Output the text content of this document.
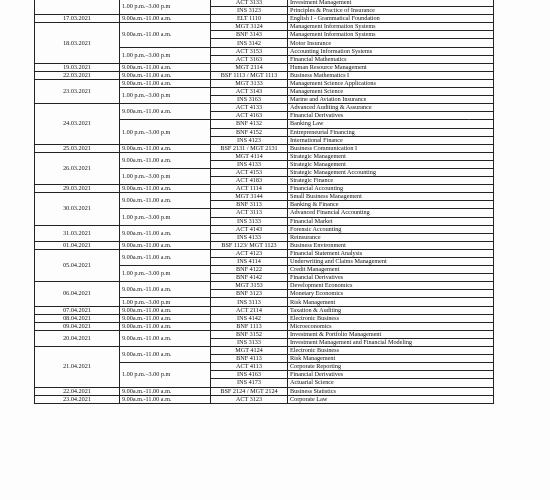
	1.00 p.m.–3.00 p.m	ACT 3133	Investment Management
		INS 3123	Principles & Practice of Insurance
17.03.2021	9.00a.m.-11.00 a.m.	ELT 1110	English I - Grammatical Foundation
18.03.2021	9.00a.m.-11.00 a.m.	MGT 3124	Management Information Systems
		BNF 3143	Management Information Systems
		INS 3142	Motor Insurance
	1.00 p.m.–3.00 p.m	ACT 3153	Accounting Information Systems
		ACT 3163	Financial Mathematics
19.03.2021	9.00a.m.-11.00 a.m.	MGT 2114	Human Resource Management
22.03.2021	9.00a.m.-11.00 a.m.	BSF 1113 / MGT 1113	Business Mathematics I
23.03.2021	9.00a.m.-11.00 a.m.	MGT 3133	Management Science Applications
	1.00 p.m.–3.00 p.m	ACT 3143	Management Science
		INS 3163	Marine and Aviation Insurance
24.03.2021	9.00a.m.-11.00 a.m.	ACT 4133	Advanced Auditing & Assurance
		ACT 4163	Financial Derivatives
	1.00 p.m.–3.00 p.m	BNF 4132	Banking Law
		BNF 4152	Entrepreneurial Financing
		INS 4123	International Finance
25.03.2021	9.00a.m.-11.00 a.m.	BSF 2131 / MGT 2131	Business Communication I
26.03.2021	9.00a.m.-11.00 a.m.	MGT 4114	Strategic Management
		INS 4133	Strategic Management
	1.00 p.m.–3.00 p.m	ACT 4153	Strategic Management Accounting
		ACT 4183	Strategic Finance
29.03.2021	9.00a.m.-11.00 a.m.	ACT 1114	Financial Accounting
30.03.2021	9.00a.m.-11.00 a.m.	MGT 3144	Small Business Management
		BNF 3113	Banking & Finance
	1.00 p.m.–3.00 p.m	ACT 3113	Advanced Financial Accounting
		INS 3133	Financial Market
31.03.2021	9.00a.m.-11.00 a.m.	ACT 4143	Forensic Accounting
		INS 4133	Reinsurance
01.04.2021	9.00a.m.-11.00 a.m.	BSF 1123/ MGT 1123	Business Environment
05.04.2021	9.00a.m.-11.00 a.m.	ACT 4123	Financial Statement Analysis
		INS 4114	Underwriting and Claims Management
	1.00 p.m.–3.00 p.m	BNF 4122	Credit Management
		BNF 4142	Financial Derivatives
06.04.2021	9.00a.m.-11.00 a.m.	MGT 3153	Development Economics
		BNF 3123	Monetary Economics
	1.00 p.m.–3.00 p.m	INS 3113	Risk Management
07.04.2021	9.00a.m.-11.00 a.m.	ACT 2114	Taxation & Auditing
08.04.2021	9.00a.m.-11.00 a.m.	INS 4142	Electronic Business
09.04.2021	9.00a.m.-11.00 a.m.	BNF 1113	Microeconomics
20.04.2021	9.00a.m.-11.00 a.m.	BNF 3152	Investment & Portfolio Management
		INS 3133	Investment Management and Financial Modeling
21.04.2021	9.00a.m.-11.00 a.m.	MGT 4124	Electronic Business
		BNF 4113	Risk Management
	1.00 p.m.–3.00 p.m	ACT 4113	Corporate Reporting
		INS 4163	Financial Derivatives
		INS 4173	Actuarial Science
22.04.2021	9.00a.m.-11.00 a.m.	BSF 2124 / MGT 2124	Business Statistics
23.04.2021	9.00a.m.-11.00 a.m.	ACT 3123	Corporate Law
·
